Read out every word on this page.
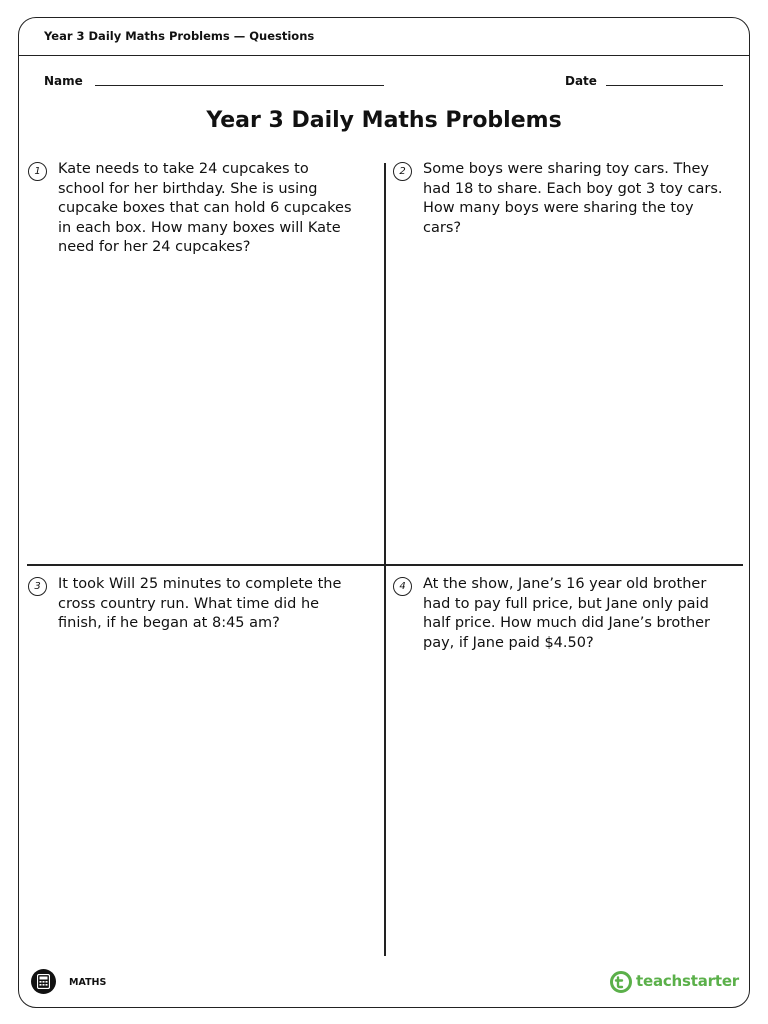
Year 3 Daily Maths Problems — Questions
Name	Date
Year 3 Daily Maths Problems
1	Kate needs to take 24 cupcakes to school for her birthday. She is using cupcake boxes that can hold 6 cupcakes in each box. How many boxes will Kate need for her 24 cupcakes?
2	Some boys were sharing toy cars. They had 18 to share. Each boy got 3 toy cars. How many boys were sharing the toy cars?
3	It took Will 25 minutes to complete the cross country run. What time did he finish, if he began at 8:45 am?
4	At the show, Jane’s 16 year old brother had to pay full price, but Jane only paid half price. How much did Jane’s brother pay, if Jane paid $4.50?
MATHS	teachstarter
